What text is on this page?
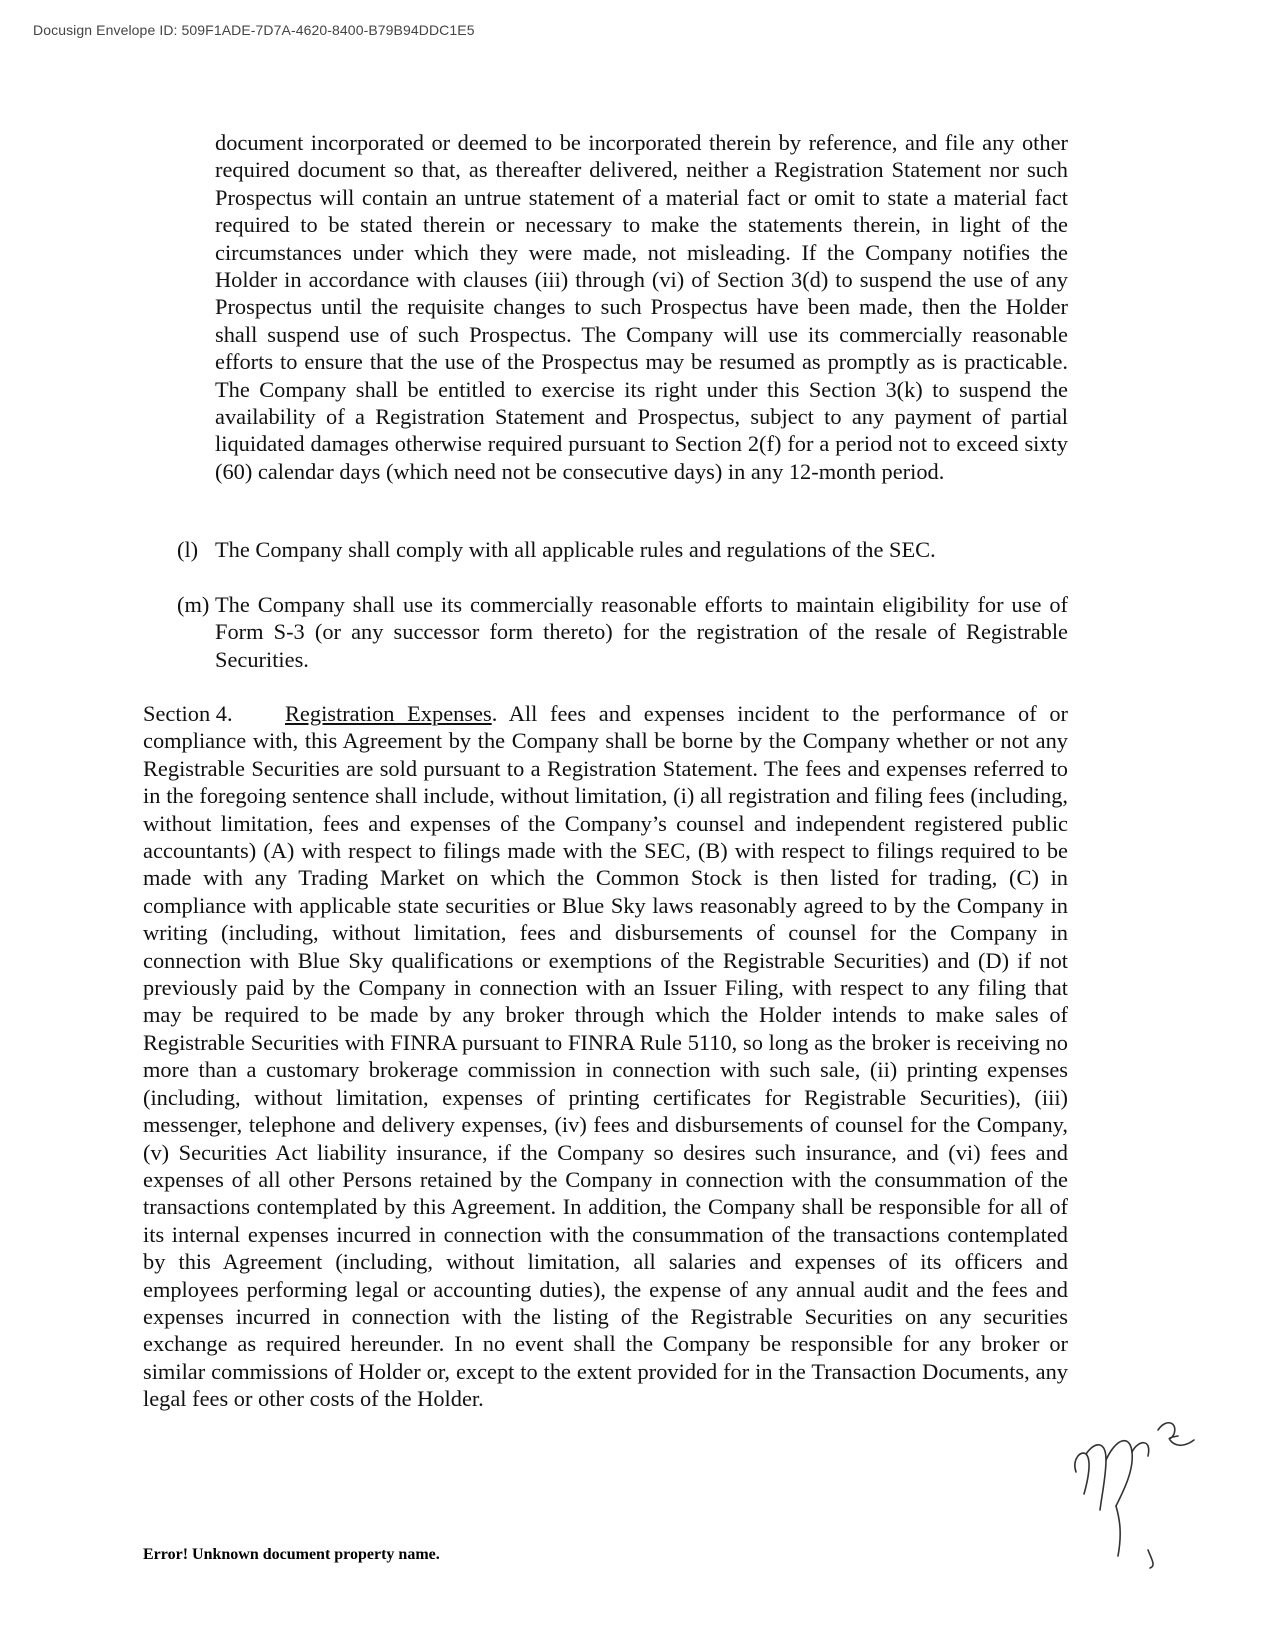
Docusign Envelope ID: 509F1ADE-7D7A-4620-8400-B79B94DDC1E5

document incorporated or deemed to be incorporated therein by reference, and file any other required document so that, as thereafter delivered, neither a Registration Statement nor such Prospectus will contain an untrue statement of a material fact or omit to state a material fact required to be stated therein or necessary to make the statements therein, in light of the circumstances under which they were made, not misleading. If the Company notifies the Holder in accordance with clauses (iii) through (vi) of Section 3(d) to suspend the use of any Prospectus until the requisite changes to such Prospectus have been made, then the Holder shall suspend use of such Prospectus. The Company will use its commercially reasonable efforts to ensure that the use of the Prospectus may be resumed as promptly as is practicable. The Company shall be entitled to exercise its right under this Section 3(k) to suspend the availability of a Registration Statement and Prospectus, subject to any payment of partial liquidated damages otherwise required pursuant to Section 2(f) for a period not to exceed sixty (60) calendar days (which need not be consecutive days) in any 12-month period.

(l) The Company shall comply with all applicable rules and regulations of the SEC.

(m) The Company shall use its commercially reasonable efforts to maintain eligibility for use of Form S-3 (or any successor form thereto) for the registration of the resale of Registrable Securities.

Section 4. Registration Expenses. All fees and expenses incident to the performance of or compliance with, this Agreement by the Company shall be borne by the Company whether or not any Registrable Securities are sold pursuant to a Registration Statement. The fees and expenses referred to in the foregoing sentence shall include, without limitation, (i) all registration and filing fees (including, without limitation, fees and expenses of the Company’s counsel and independent registered public accountants) (A) with respect to filings made with the SEC, (B) with respect to filings required to be made with any Trading Market on which the Common Stock is then listed for trading, (C) in compliance with applicable state securities or Blue Sky laws reasonably agreed to by the Company in writing (including, without limitation, fees and disbursements of counsel for the Company in connection with Blue Sky qualifications or exemptions of the Registrable Securities) and (D) if not previously paid by the Company in connection with an Issuer Filing, with respect to any filing that may be required to be made by any broker through which the Holder intends to make sales of Registrable Securities with FINRA pursuant to FINRA Rule 5110, so long as the broker is receiving no more than a customary brokerage commission in connection with such sale, (ii) printing expenses (including, without limitation, expenses of printing certificates for Registrable Securities), (iii) messenger, telephone and delivery expenses, (iv) fees and disbursements of counsel for the Company, (v) Securities Act liability insurance, if the Company so desires such insurance, and (vi) fees and expenses of all other Persons retained by the Company in connection with the consummation of the transactions contemplated by this Agreement. In addition, the Company shall be responsible for all of its internal expenses incurred in connection with the consummation of the transactions contemplated by this Agreement (including, without limitation, all salaries and expenses of its officers and employees performing legal or accounting duties), the expense of any annual audit and the fees and expenses incurred in connection with the listing of the Registrable Securities on any securities exchange as required hereunder. In no event shall the Company be responsible for any broker or similar commissions of Holder or, except to the extent provided for in the Transaction Documents, any legal fees or other costs of the Holder.

Error! Unknown document property name.
